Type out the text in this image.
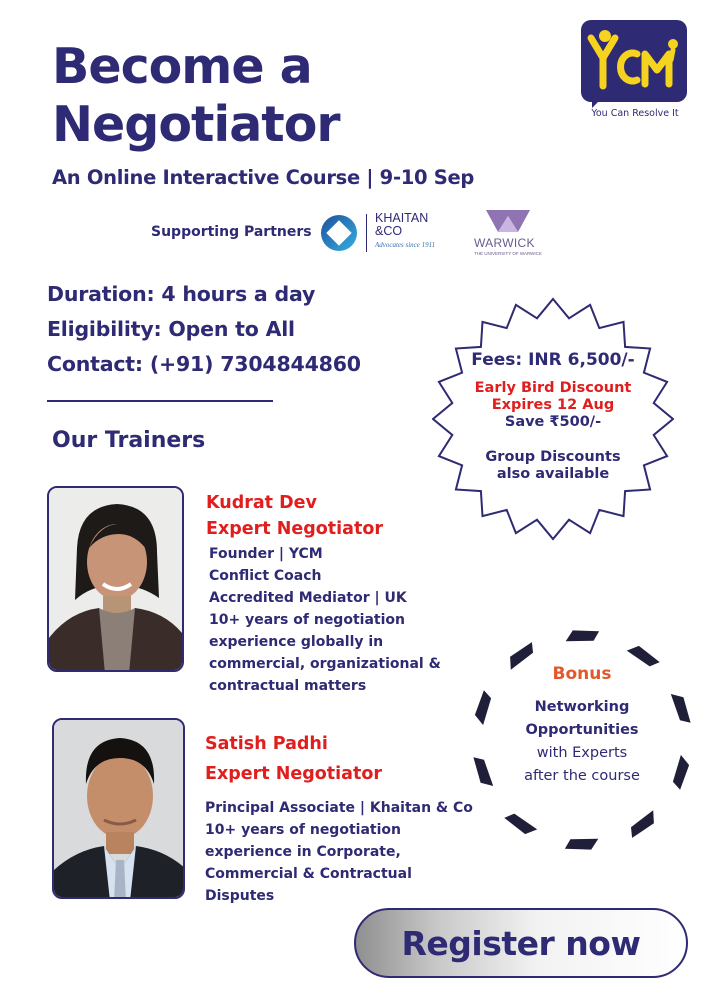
Become a
Negotiator
An Online Interactive Course | 9-10 Sep
You Can Resolve It
Supporting Partners
KHAITAN
&CO
Advocates since 1911	WARWICK
THE UNIVERSITY OF WARWICK
Duration: 4 hours a day
Eligibility: Open to All
Contact: (+91) 7304844860	Fees: INR 6,500/-
Early Bird Discount
Expires 12 Aug
Save ₹500/-
Group Discounts
also available
Our Trainers
Kudrat Dev
Expert Negotiator
Founder | YCM
Conflict Coach
Accredited Mediator | UK
10+ years of negotiation
experience globally in
commercial, organizational &
contractual matters
Satish Padhi
Expert Negotiator
Principal Associate | Khaitan & Co
10+ years of negotiation
experience in Corporate,
Commercial & Contractual
Disputes
Bonus
Networking
Opportunities
with Experts
after the course
Register now
